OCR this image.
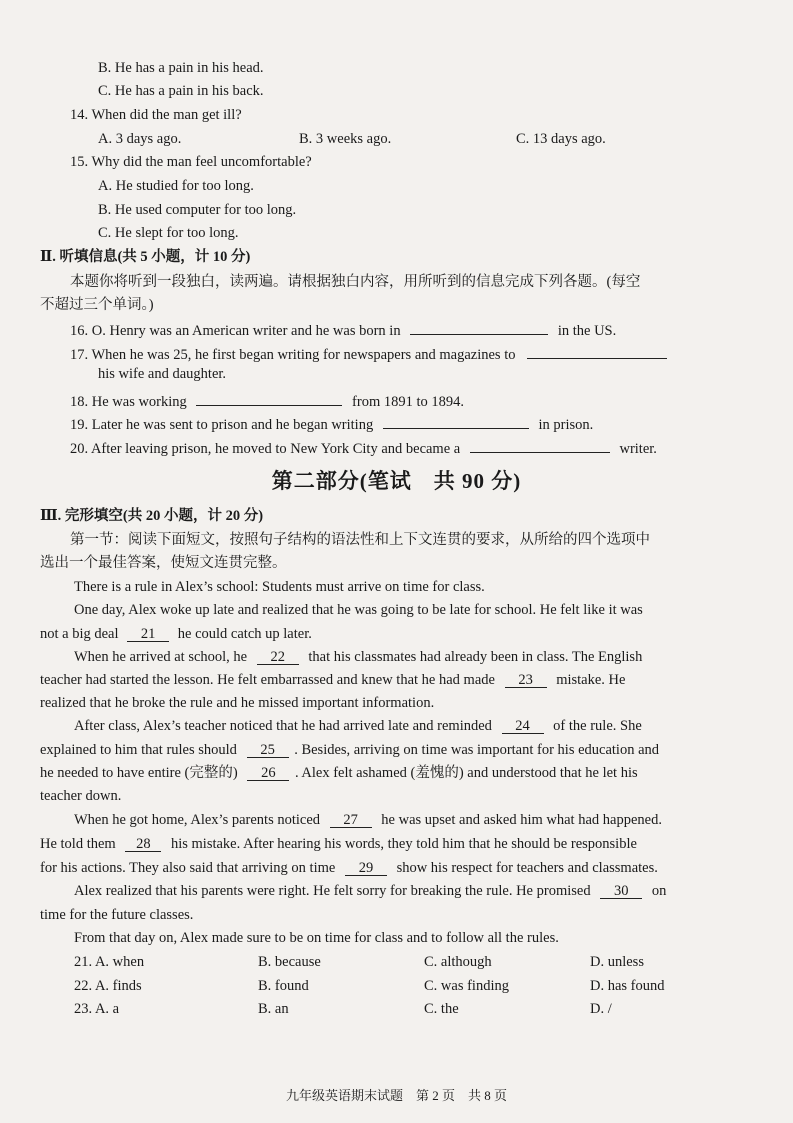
B. He has a pain in his head.
C. He has a pain in his back.
14. When did the man get ill?
A. 3 days ago.	B. 3 weeks ago.	C. 13 days ago.
15. Why did the man feel uncomfortable?
A. He studied for too long.
B. He used computer for too long.
C. He slept for too long.
Ⅱ. 听填信息(共 5 小题，计 10 分)
本题你将听到一段独白，读两遍。请根据独白内容，用所听到的信息完成下列各题。(每空
不超过三个单词。)
16. O. Henry was an American writer and he was born in	in the US.
17. When he was 25, he first began writing for newspapers and magazines to
his wife and daughter.
18. He was working	from 1891 to 1894.
19. Later he was sent to prison and he began writing	in prison.
20. After leaving prison, he moved to New York City and became a	writer.
第二部分(笔试　共 90 分)
Ⅲ. 完形填空(共 20 小题，计 20 分)
第一节：阅读下面短文，按照句子结构的语法性和上下文连贯的要求，从所给的四个选项中
选出一个最佳答案，使短文连贯完整。
There is a rule in Alex’s school: Students must arrive on time for class.
One day, Alex woke up late and realized that he was going to be late for school. He felt like it was
not a big deal 21 he could catch up later.
When he arrived at school, he 22 that his classmates had already been in class. The English
teacher had started the lesson. He felt embarrassed and knew that he had made 23 mistake. He
realized that he broke the rule and he missed important information.
After class, Alex’s teacher noticed that he had arrived late and reminded 24 of the rule. She
explained to him that rules should 25 . Besides, arriving on time was important for his education and
he needed to have entire (完整的) 26 . Alex felt ashamed (羞愧的) and understood that he let his
teacher down.
When he got home, Alex’s parents noticed 27 he was upset and asked him what had happened.
He told them 28 his mistake. After hearing his words, they told him that he should be responsible
for his actions. They also said that arriving on time 29 show his respect for teachers and classmates.
Alex realized that his parents were right. He felt sorry for breaking the rule. He promised 30 on
time for the future classes.
From that day on, Alex made sure to be on time for class and to follow all the rules.
21. A. when	B. because	C. although	D. unless
22. A. finds	B. found	C. was finding	D. has found
23. A. a	B. an	C. the	D. /
九年级英语期末试题　第 2 页　共 8 页
